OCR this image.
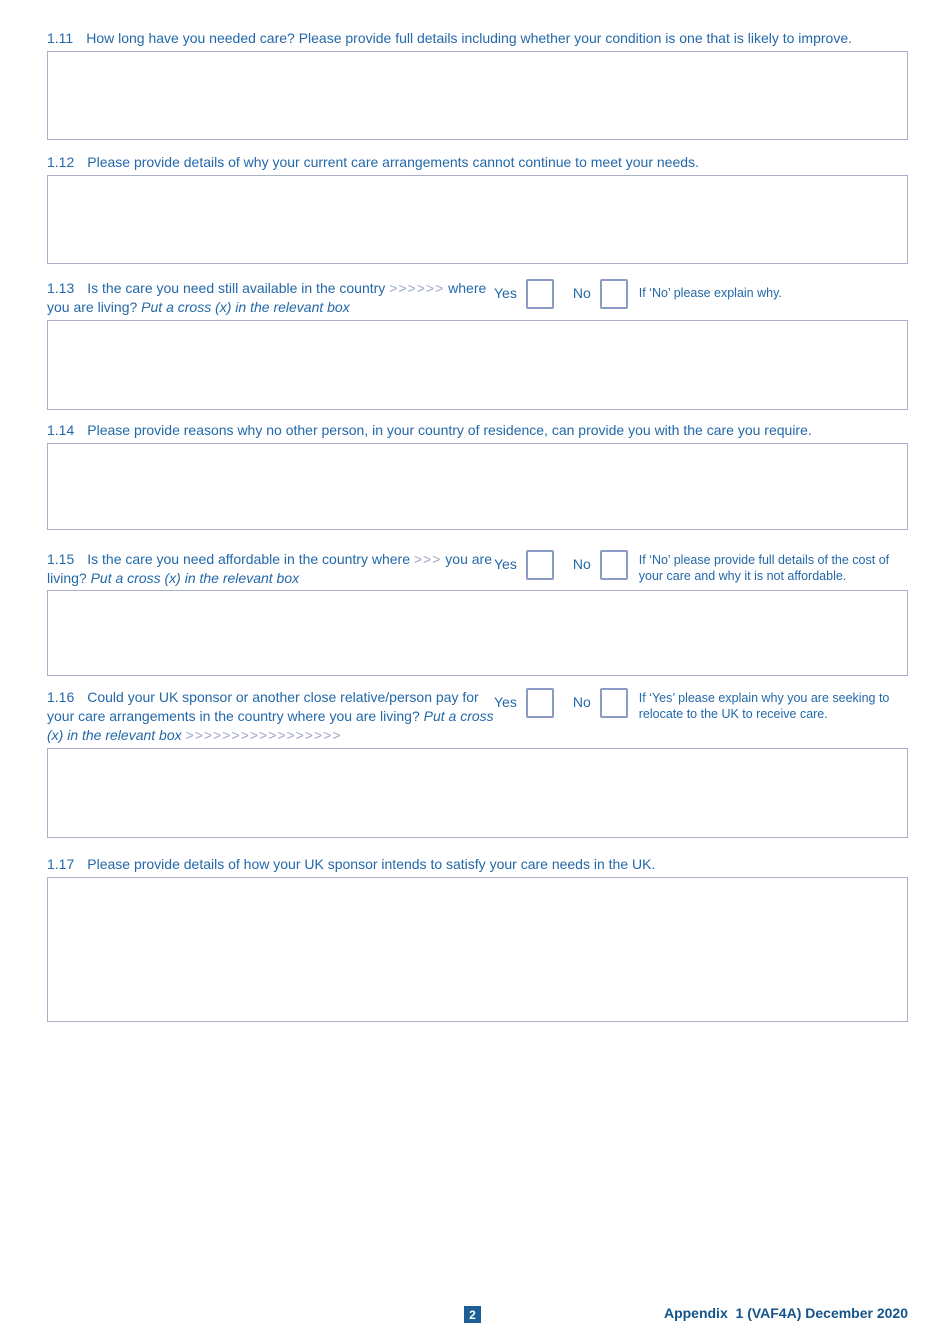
1.11 How long have you needed care? Please provide full details including whether your condition is one that is likely to improve.
1.12 Please provide details of why your current care arrangements cannot continue to meet your needs.
1.13 Is the care you need still available in the country >>>>>> where you are living? Put a cross (x) in the relevant box
Yes	No	If ‘No’ please explain why.
1.14 Please provide reasons why no other person, in your country of residence, can provide you with the care you require.
1.15 Is the care you need affordable in the country where >>> you are living? Put a cross (x) in the relevant box
Yes	No	If ‘No’ please provide full details of the cost of your care and why it is not affordable.
1.16 Could your UK sponsor or another close relative/person pay for your care arrangements in the country where you are living? Put a cross (x) in the relevant box >>>>>>>>>>>>>>>>>
Yes	No	If ‘Yes’ please explain why you are seeking to relocate to the UK to receive care.
1.17 Please provide details of how your UK sponsor intends to satisfy your care needs in the UK.
2	Appendix  1 (VAF4A) December 2020
